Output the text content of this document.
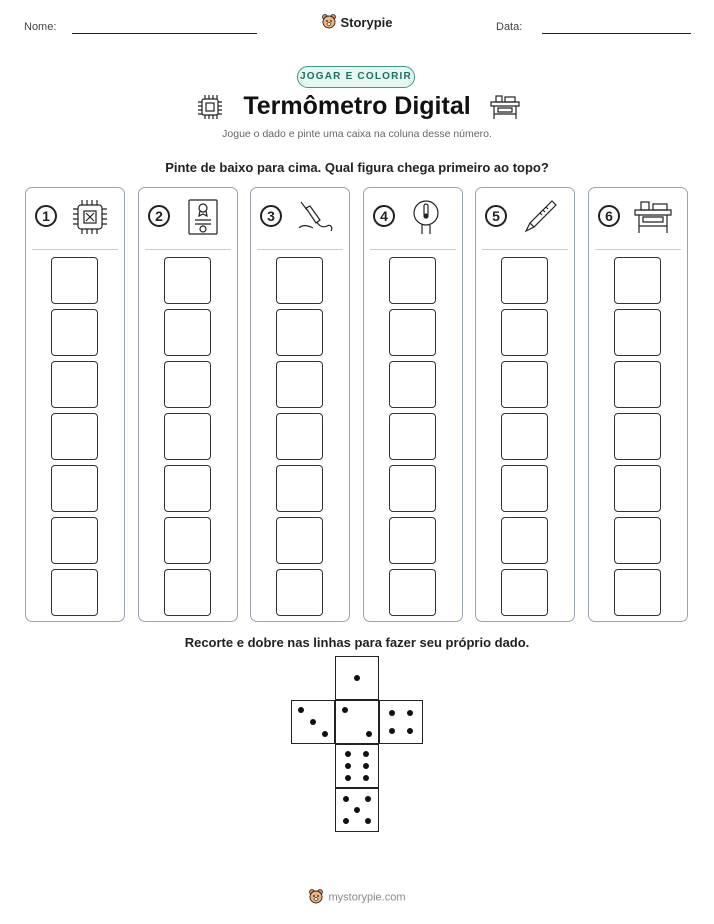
Nome:	Data:
Storypie
JOGAR E COLORIR
Termômetro Digital
Jogue o dado e pinte uma caixa na coluna desse número.
Pinte de baixo para cima. Qual figura chega primeiro ao topo?
1	2	3	4	5	6
Recorte e dobre nas linhas para fazer seu próprio dado.
mystorypie.com
